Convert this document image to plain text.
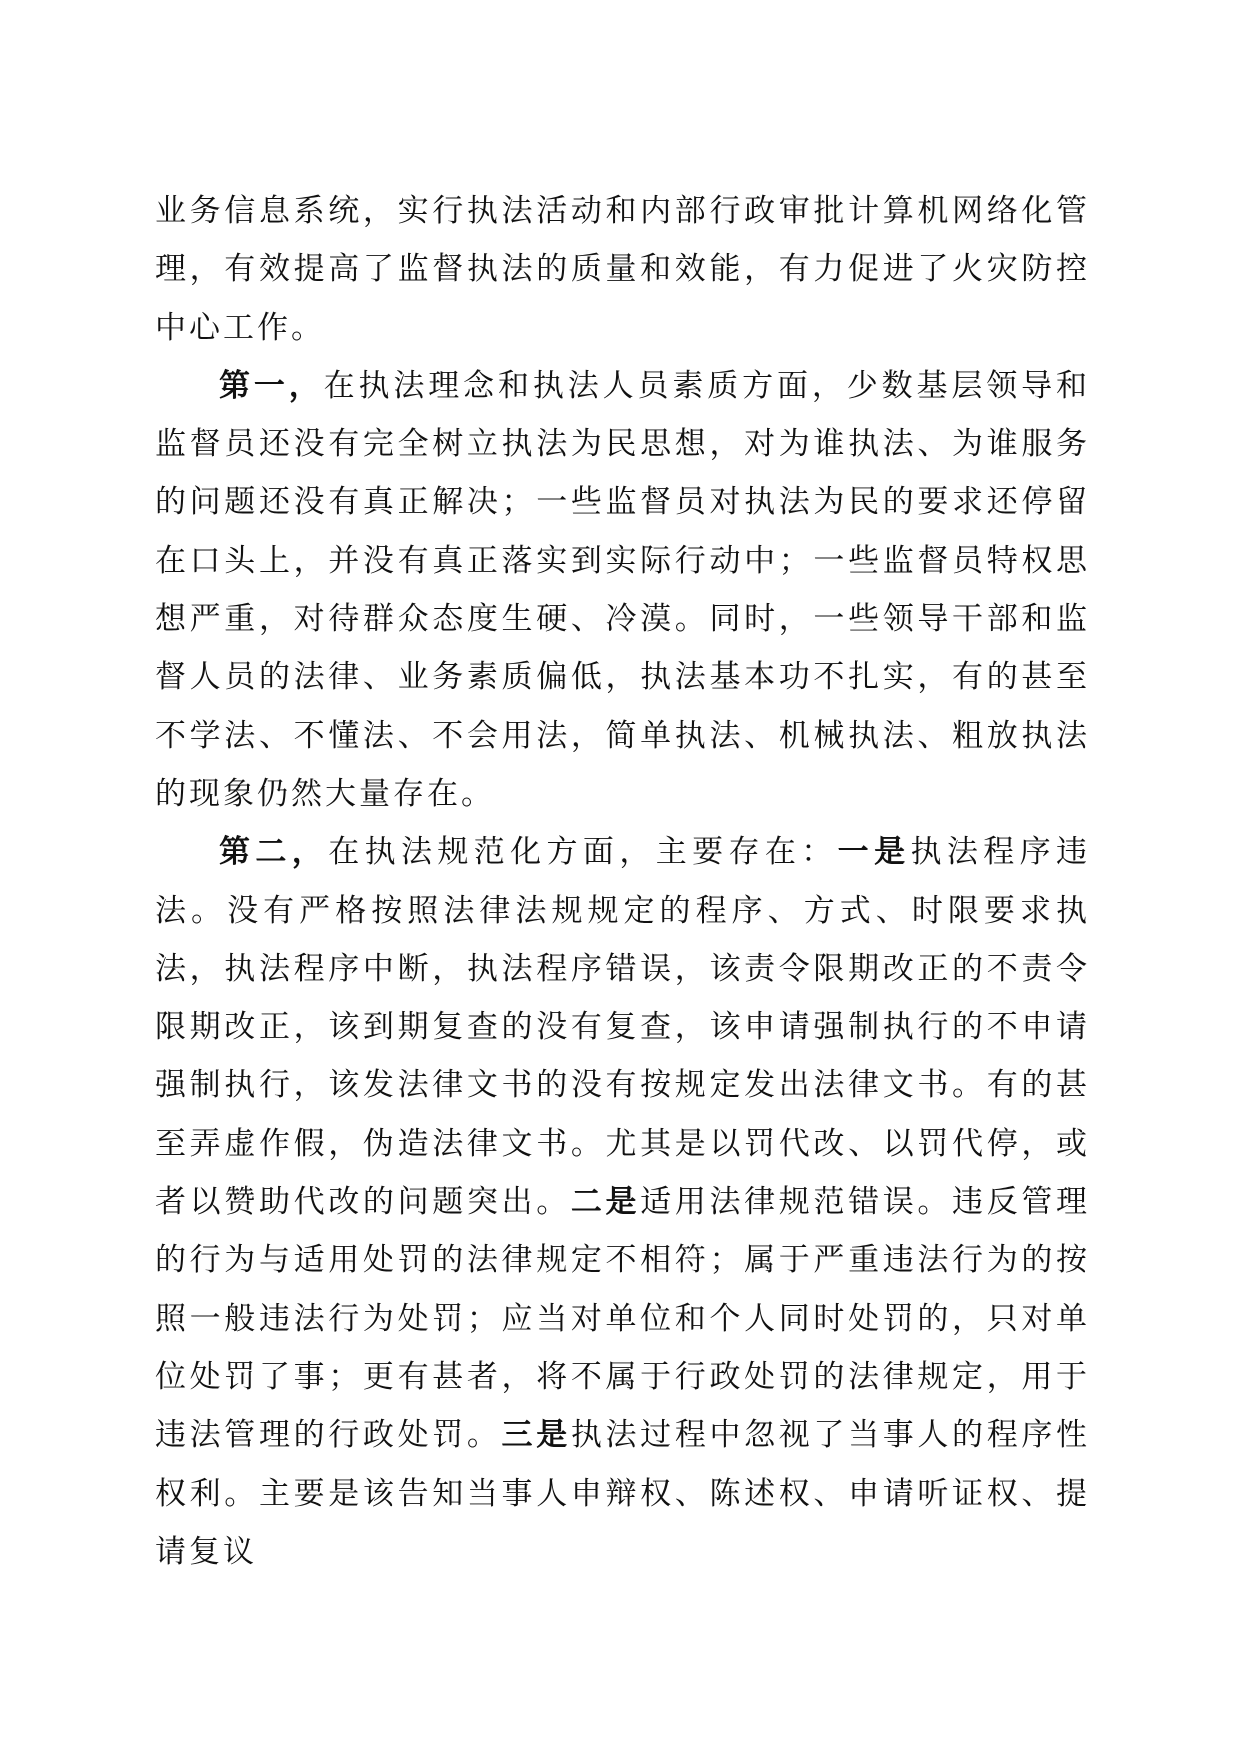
业务信息系统，实行执法活动和内部行政审批计算机网络化管理，有效提高了监督执法的质量和效能，有力促进了火灾防控中心工作。

第一，在执法理念和执法人员素质方面，少数基层领导和监督员还没有完全树立执法为民思想，对为谁执法、为谁服务的问题还没有真正解决；一些监督员对执法为民的要求还停留在口头上，并没有真正落实到实际行动中；一些监督员特权思想严重，对待群众态度生硬、冷漠。同时，一些领导干部和监督人员的法律、业务素质偏低，执法基本功不扎实，有的甚至不学法、不懂法、不会用法，简单执法、机械执法、粗放执法的现象仍然大量存在。

第二，在执法规范化方面，主要存在：一是执法程序违法。没有严格按照法律法规规定的程序、方式、时限要求执法，执法程序中断，执法程序错误，该责令限期改正的不责令限期改正，该到期复查的没有复查，该申请强制执行的不申请强制执行，该发法律文书的没有按规定发出法律文书。有的甚至弄虚作假，伪造法律文书。尤其是以罚代改、以罚代停，或者以赞助代改的问题突出。二是适用法律规范错误。违反管理的行为与适用处罚的法律规定不相符；属于严重违法行为的按照一般违法行为处罚；应当对单位和个人同时处罚的，只对单位处罚了事；更有甚者，将不属于行政处罚的法律规定，用于违法管理的行政处罚。三是执法过程中忽视了当事人的程序性权利。主要是该告知当事人申辩权、陈述权、申请听证权、提请复议
